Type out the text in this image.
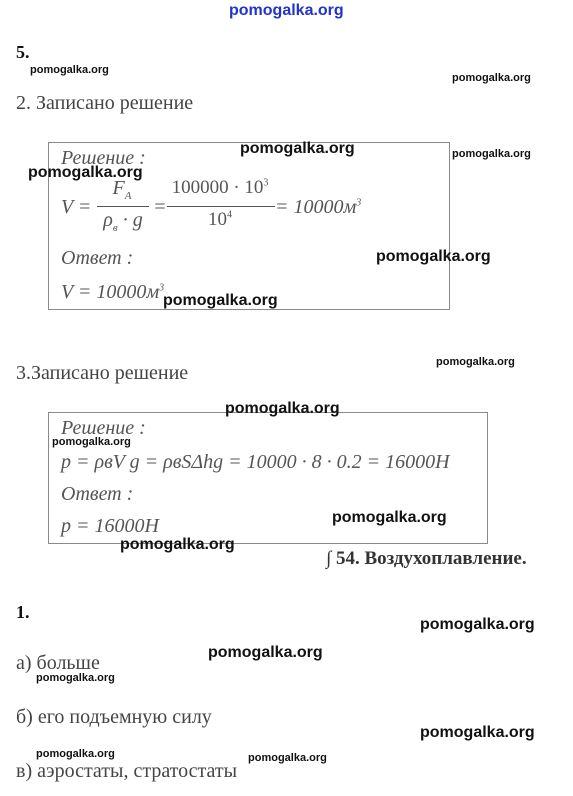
pomogalka.org
5.
pomogalka.org
pomogalka.org
2. Записано решение
Решение :
V =
$F_A$
$\rho_в \cdot g$
=
$100000 \cdot 10^3$
$10^4$	= $10000м^3$
Ответ :
$V = 10000м^3$
pomogalka.org	pomogalka.org
pomogalka.org
pomogalka.org
pomogalka.org
pomogalka.org
3.Записано решение
Решение :
p = ρвV g = ρвSΔhg = 10000 · 8 · 0.2 = 16000H
Ответ :
p = 16000H
pomogalka.org
pomogalka.org
pomogalka.org
pomogalka.org
∫ 54. Воздухоплавление.
1.
pomogalka.org
pomogalka.org
а) больше
pomogalka.org
б) его подъемную силу
pomogalka.org
pomogalka.org	pomogalka.org
в) аэростаты, стратостаты
